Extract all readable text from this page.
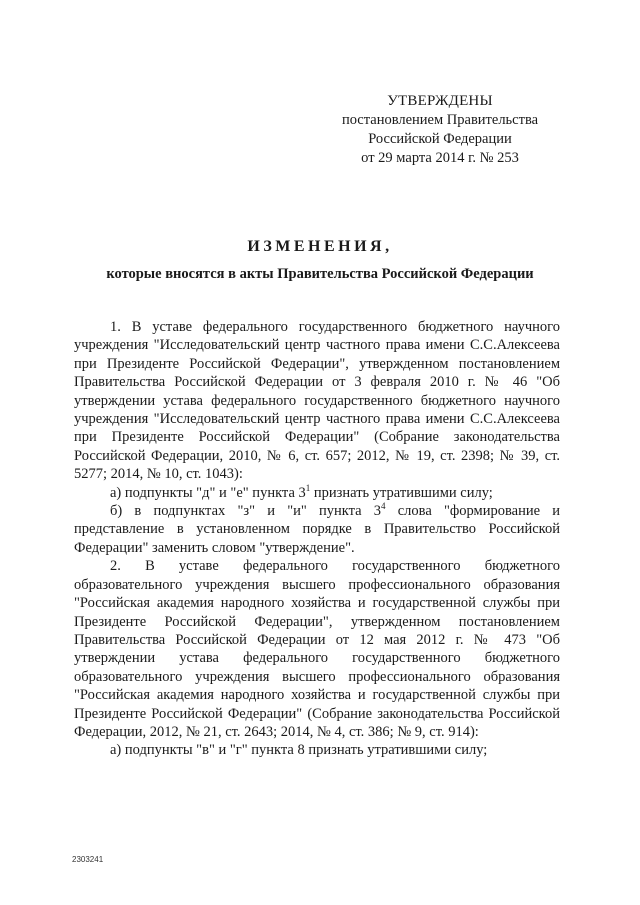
УТВЕРЖДЕНЫ
постановлением Правительства
Российской Федерации
от 29 марта 2014 г. № 253
ИЗМЕНЕНИЯ,
которые вносятся в акты Правительства Российской Федерации

1. В уставе федерального государственного бюджетного научного учреждения "Исследовательский центр частного права имени С.С.Алексеева при Президенте Российской Федерации", утвержденном постановлением Правительства Российской Федерации от 3 февраля 2010 г. № 46 "Об утверждении устава федерального государственного бюджетного научного учреждения "Исследовательский центр частного права имени С.С.Алексеева при Президенте Российской Федерации" (Собрание законодательства Российской Федерации, 2010, № 6, ст. 657; 2012, № 19, ст. 2398; № 39, ст. 5277; 2014, № 10, ст. 1043):

а) подпункты "д" и "е" пункта $3^1$ признать утратившими силу;

б) в подпунктах "з" и "и" пункта $3^4$ слова "формирование и представление в установленном порядке в Правительство Российской Федерации" заменить словом "утверждение".

2. В уставе федерального государственного бюджетного образовательного учреждения высшего профессионального образования "Российская академия народного хозяйства и государственной службы при Президенте Российской Федерации", утвержденном постановлением Правительства Российской Федерации от 12 мая 2012 г. № 473 "Об утверждении устава федерального государственного бюджетного образовательного учреждения высшего профессионального образования "Российская академия народного хозяйства и государственной службы при Президенте Российской Федерации" (Собрание законодательства Российской Федерации, 2012, № 21, ст. 2643; 2014, № 4, ст. 386; № 9, ст. 914):

а) подпункты "в" и "г" пункта 8 признать утратившими силу;

2303241
